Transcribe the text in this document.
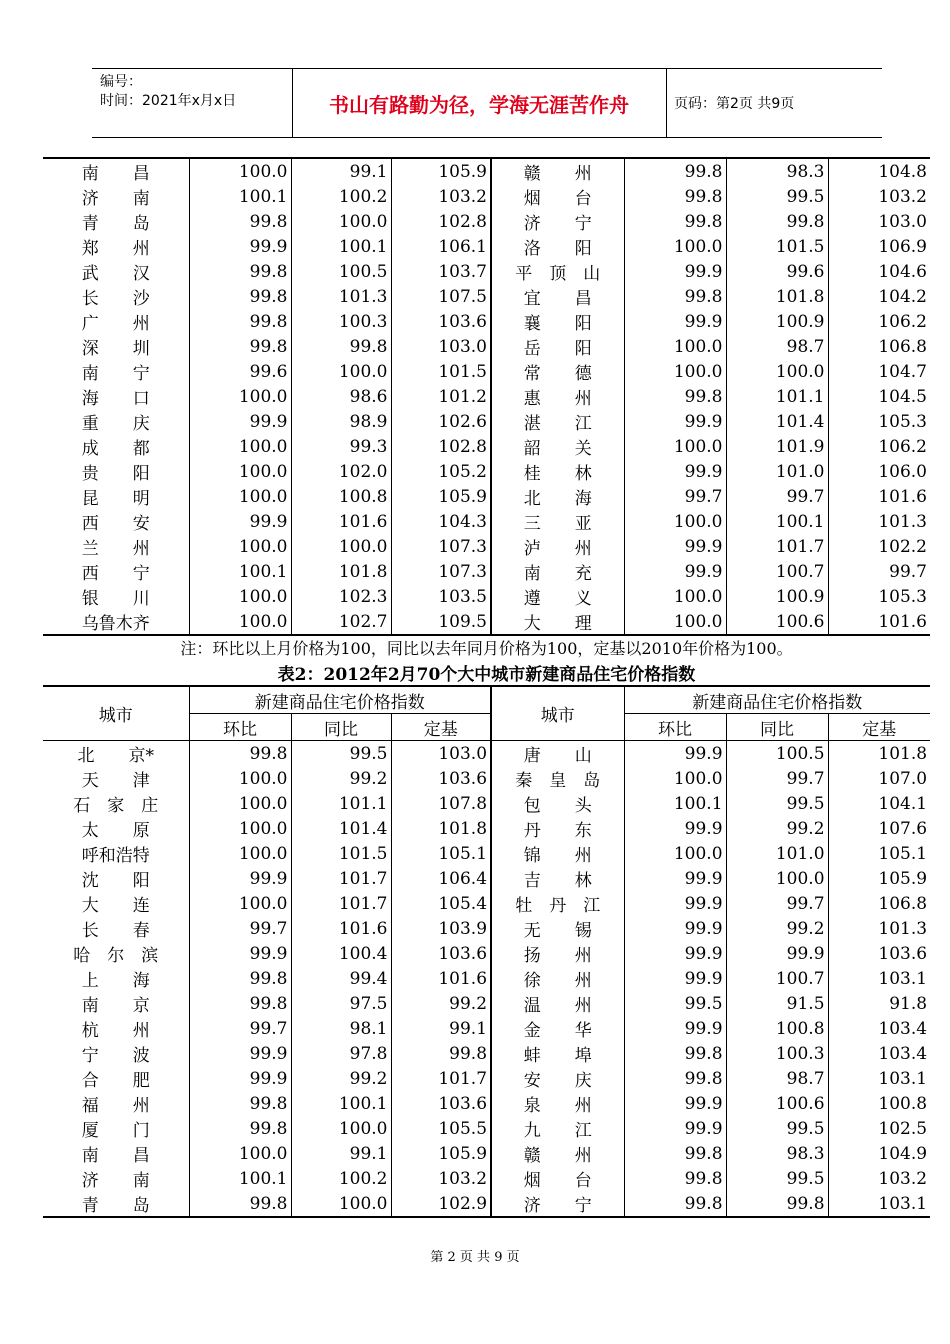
编号：
时间：2021年x月x日	书山有路勤为径，学海无涯苦作舟	页码：第2页 共9页
南　　昌	100.0	99.1	105.9	赣　　州	99.8	98.3	104.8
济　　南	100.1	100.2	103.2	烟　　台	99.8	99.5	103.2
青　　岛	99.8	100.0	102.8	济　　宁	99.8	99.8	103.0
郑　　州	99.9	100.1	106.1	洛　　阳	100.0	101.5	106.9
武　　汉	99.8	100.5	103.7	平　顶　山	99.9	99.6	104.6
长　　沙	99.8	101.3	107.5	宜　　昌	99.8	101.8	104.2
广　　州	99.8	100.3	103.6	襄　　阳	99.9	100.9	106.2
深　　圳	99.8	99.8	103.0	岳　　阳	100.0	98.7	106.8
南　　宁	99.6	100.0	101.5	常　　德	100.0	100.0	104.7
海　　口	100.0	98.6	101.2	惠　　州	99.8	101.1	104.5
重　　庆	99.9	98.9	102.6	湛　　江	99.9	101.4	105.3
成　　都	100.0	99.3	102.8	韶　　关	100.0	101.9	106.2
贵　　阳	100.0	102.0	105.2	桂　　林	99.9	101.0	106.0
昆　　明	100.0	100.8	105.9	北　　海	99.7	99.7	101.6
西　　安	99.9	101.6	104.3	三　　亚	100.0	100.1	101.3
兰　　州	100.0	100.0	107.3	泸　　州	99.9	101.7	102.2
西　　宁	100.1	101.8	107.3	南　　充	99.9	100.7	99.7
银　　川	100.0	102.3	103.5	遵　　义	100.0	100.9	105.3
乌鲁木齐	100.0	102.7	109.5	大　　理	100.0	100.6	101.6
注：环比以上月价格为100，同比以去年同月价格为100，定基以2010年价格为100。
表2：2012年2月70个大中城市新建商品住宅价格指数
城市	新建商品住宅价格指数			城市	新建商品住宅价格指数		
	环比	同比	定基		环比	同比	定基
北　　京*	99.8	99.5	103.0	唐　　山	99.9	100.5	101.8
天　　津	100.0	99.2	103.6	秦　皇　岛	100.0	99.7	107.0
石　家　庄	100.0	101.1	107.8	包　　头	100.1	99.5	104.1
太　　原	100.0	101.4	101.8	丹　　东	99.9	99.2	107.6
呼和浩特	100.0	101.5	105.1	锦　　州	100.0	101.0	105.1
沈　　阳	99.9	101.7	106.4	吉　　林	99.9	100.0	105.9
大　　连	100.0	101.7	105.4	牡　丹　江	99.9	99.7	106.8
长　　春	99.7	101.6	103.9	无　　锡	99.9	99.2	101.3
哈　尔　滨	99.9	100.4	103.6	扬　　州	99.9	99.9	103.6
上　　海	99.8	99.4	101.6	徐　　州	99.9	100.7	103.1
南　　京	99.8	97.5	99.2	温　　州	99.5	91.5	91.8
杭　　州	99.7	98.1	99.1	金　　华	99.9	100.8	103.4
宁　　波	99.9	97.8	99.8	蚌　　埠	99.8	100.3	103.4
合　　肥	99.9	99.2	101.7	安　　庆	99.8	98.7	103.1
福　　州	99.8	100.1	103.6	泉　　州	99.9	100.6	100.8
厦　　门	99.8	100.0	105.5	九　　江	99.9	99.5	102.5
南　　昌	100.0	99.1	105.9	赣　　州	99.8	98.3	104.9
济　　南	100.1	100.2	103.2	烟　　台	99.8	99.5	103.2
青　　岛	99.8	100.0	102.9	济　　宁	99.8	99.8	103.1
第 2 页 共 9 页
